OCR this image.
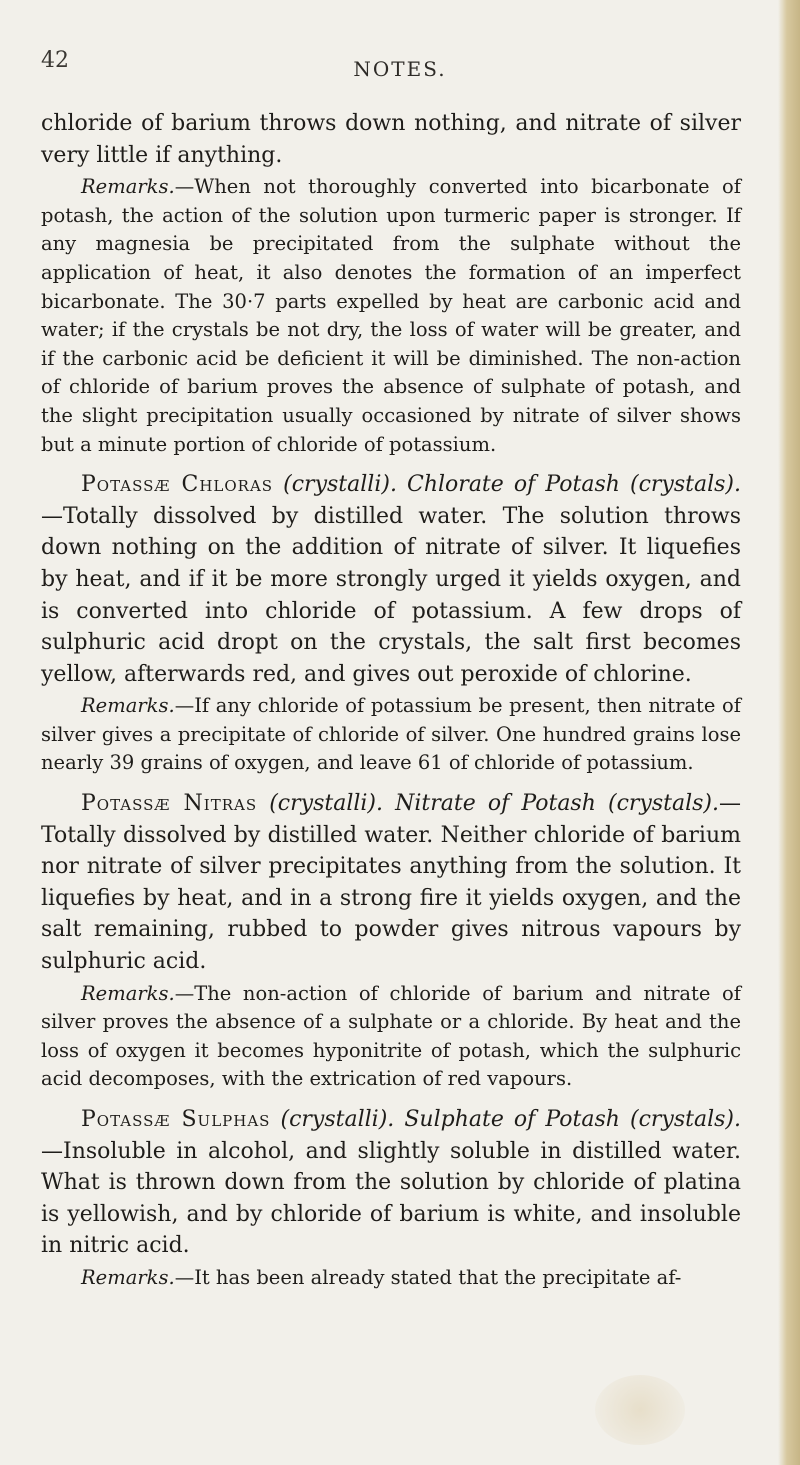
42	NOTES.

chloride of barium throws down nothing, and nitrate of silver very little if anything.

Remarks.—When not thoroughly converted into bicarbonate of potash, the action of the solution upon turmeric paper is stronger. If any magnesia be precipitated from the sulphate without the application of heat, it also denotes the formation of an imperfect bicarbonate. The 30·7 parts expelled by heat are carbonic acid and water; if the crystals be not dry, the loss of water will be greater, and if the carbonic acid be deficient it will be diminished. The non-action of chloride of barium proves the absence of sulphate of potash, and the slight precipitation usually occasioned by nitrate of silver shows but a minute portion of chloride of potassium.

Potassæ Chloras (crystalli). Chlorate of Potash (crystals).—Totally dissolved by distilled water. The solution throws down nothing on the addition of nitrate of silver. It liquefies by heat, and if it be more strongly urged it yields oxygen, and is converted into chloride of potassium. A few drops of sulphuric acid dropt on the crystals, the salt first becomes yellow, afterwards red, and gives out peroxide of chlorine.

Remarks.—If any chloride of potassium be present, then nitrate of silver gives a precipitate of chloride of silver. One hundred grains lose nearly 39 grains of oxygen, and leave 61 of chloride of potassium.

Potassæ Nitras (crystalli). Nitrate of Potash (crystals).—Totally dissolved by distilled water. Neither chloride of barium nor nitrate of silver precipitates anything from the solution. It liquefies by heat, and in a strong fire it yields oxygen, and the salt remaining, rubbed to powder gives nitrous vapours by sulphuric acid.

Remarks.—The non-action of chloride of barium and nitrate of silver proves the absence of a sulphate or a chloride. By heat and the loss of oxygen it becomes hyponitrite of potash, which the sulphuric acid decomposes, with the extrication of red vapours.

Potassæ Sulphas (crystalli). Sulphate of Potash (crystals).—Insoluble in alcohol, and slightly soluble in distilled water. What is thrown down from the solution by chloride of platina is yellowish, and by chloride of barium is white, and insoluble in nitric acid.

Remarks.—It has been already stated that the precipitate af-
